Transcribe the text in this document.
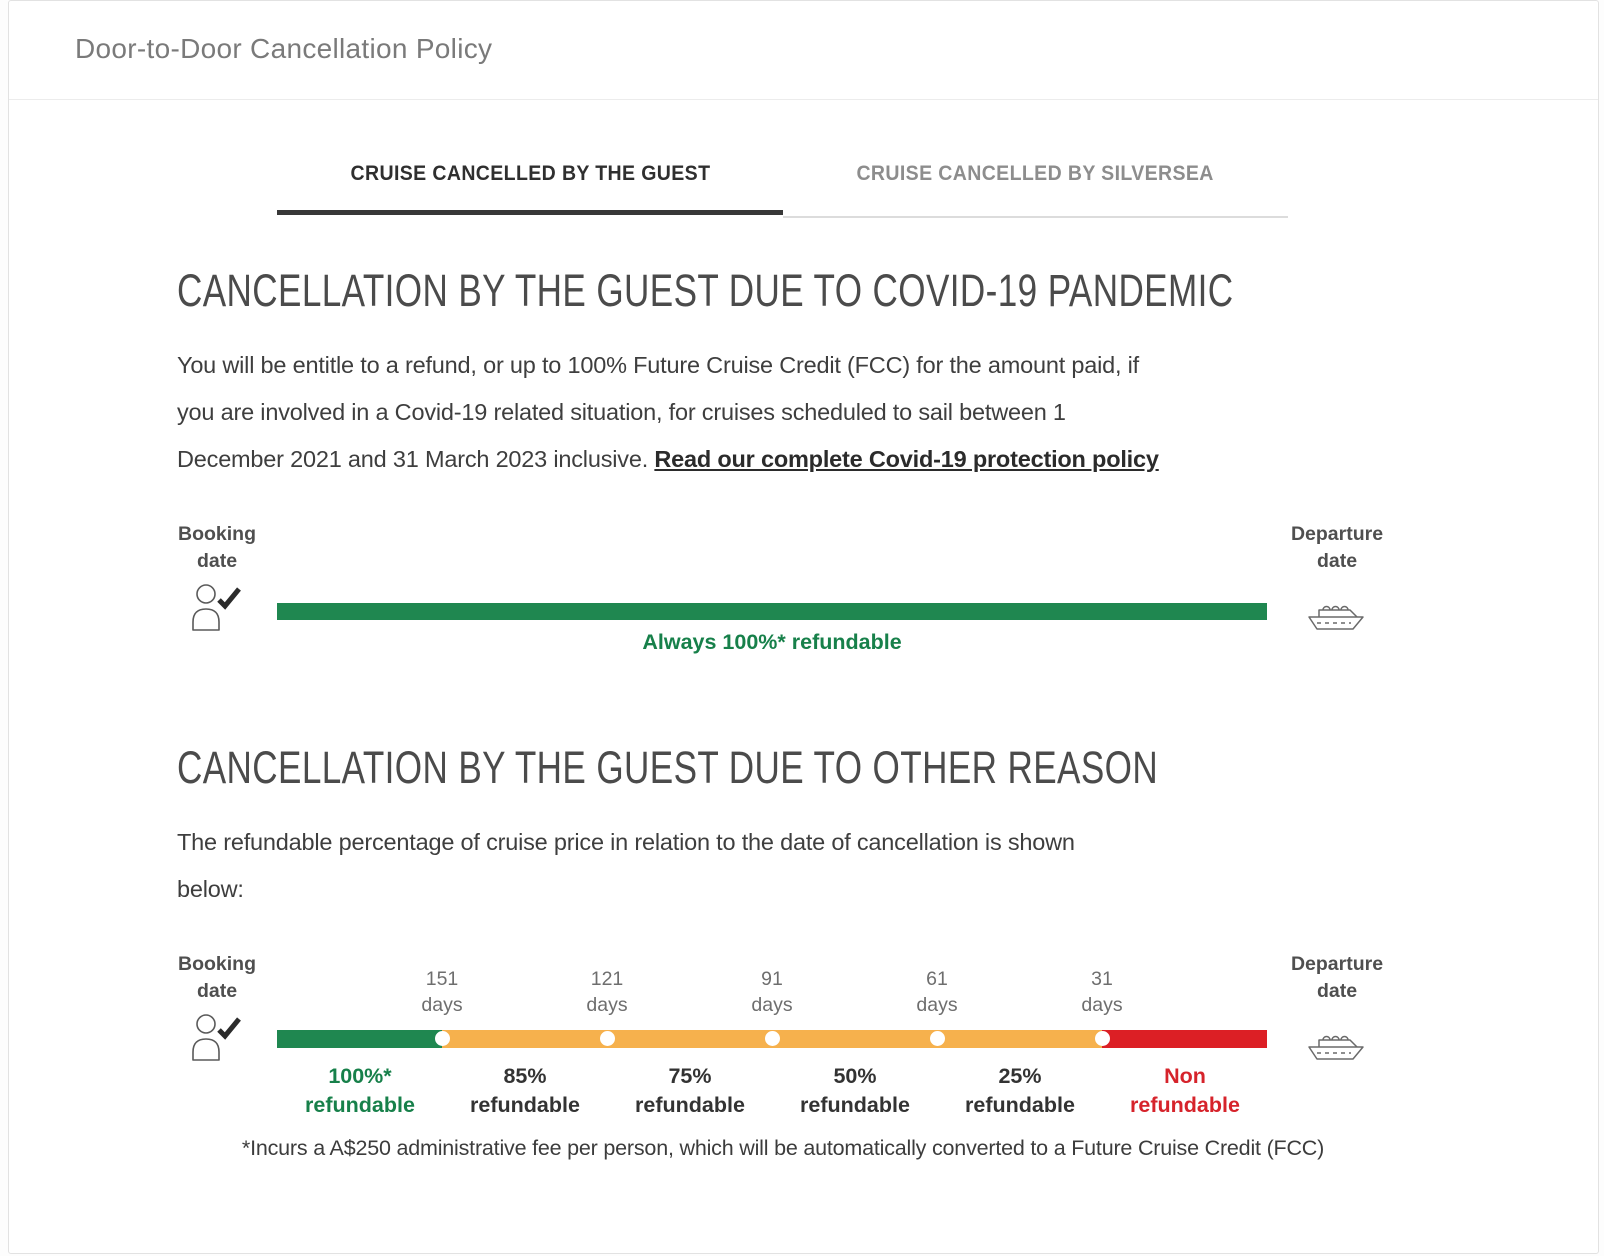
Door-to-Door Cancellation Policy
CRUISE CANCELLED BY THE GUEST	CRUISE CANCELLED BY SILVERSEA
CANCELLATION BY THE GUEST DUE TO COVID-19 PANDEMIC
You will be entitle to a refund, or up to 100% Future Cruise Credit (FCC) for the amount paid, if
you are involved in a Covid-19 related situation, for cruises scheduled to sail between 1
December 2021 and 31 March 2023 inclusive. Read our complete Covid-19 protection policy
Booking date
Always 100%* refundable
Departure date
CANCELLATION BY THE GUEST DUE TO OTHER REASON
The refundable percentage of cruise price in relation to the date of cancellation is shown
below:
Booking date
151
days
121
days
91
days
61
days
31
days
Departure date
100%*
refundable
85%
refundable
75%
refundable
50%
refundable
25%
refundable
Non
refundable
*Incurs a A$250 administrative fee per person, which will be automatically converted to a Future Cruise Credit (FCC)
